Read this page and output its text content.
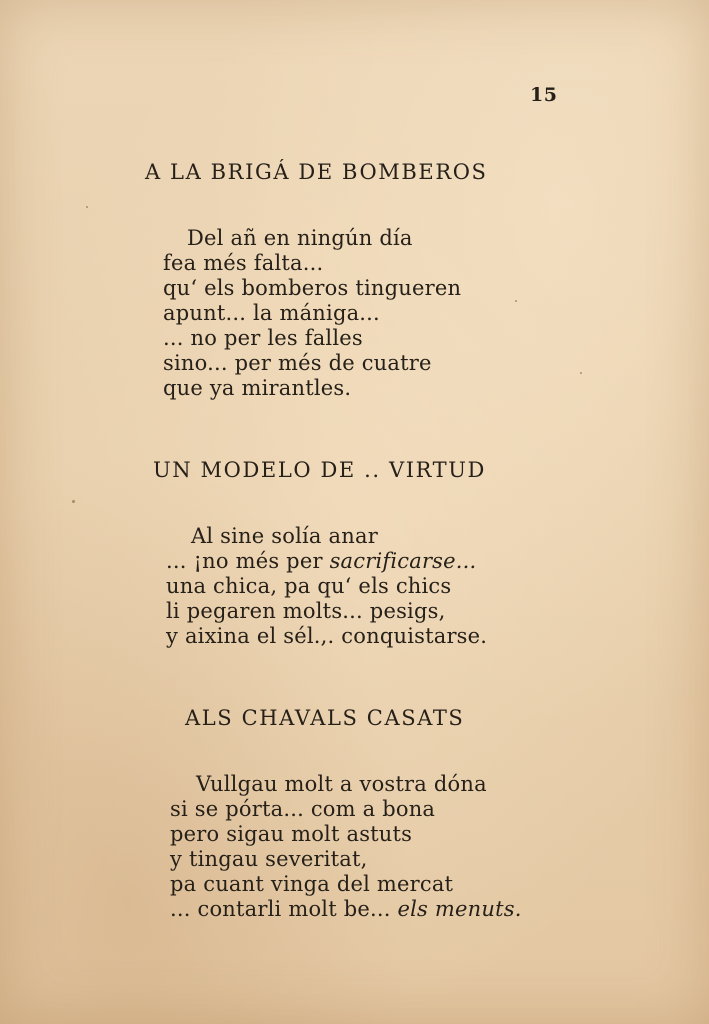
15
A LA BRIGÁ DE BOMBEROS
Del añ en ningún día
fea més falta...
qu‘ els bomberos tingueren
apunt... la mániga...
... no per les falles
sino... per més de cuatre
que ya mirantles.
UN MODELO DE .. VIRTUD
Al sine solía anar
... ¡no més per sacrificarse...
una chica, pa qu‘ els chics
li pegaren molts... pesigs,
y aixina el sél.,. conquistarse.
ALS CHAVALS CASATS
Vullgau molt a vostra dóna
si se pórta... com a bona
pero sigau molt astuts
y tingau severitat,
pa cuant vinga del mercat
... contarli molt be... els menuts.
